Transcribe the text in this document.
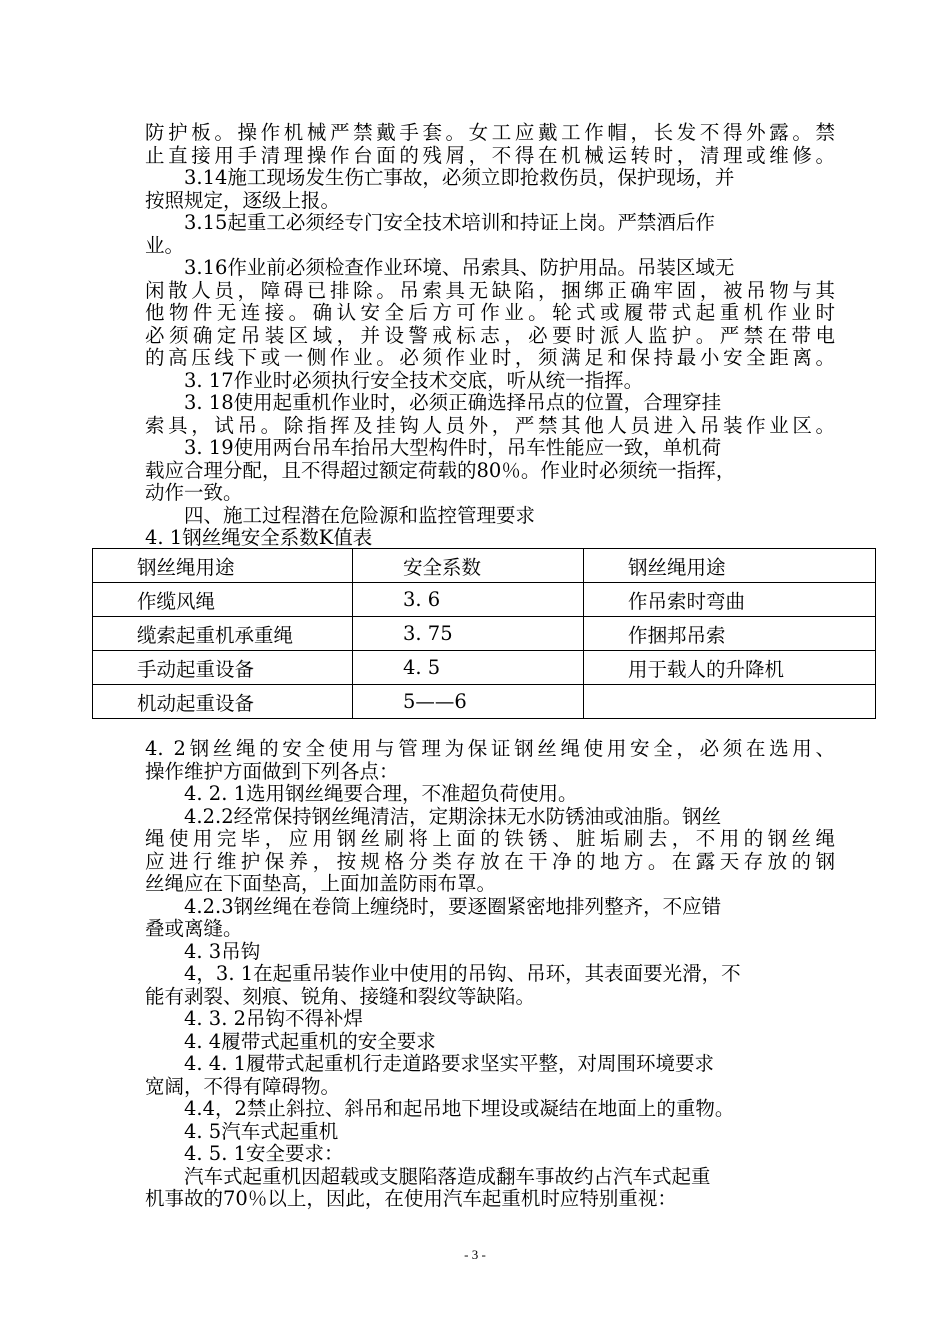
防护板。操作机械严禁戴手套。女工应戴工作帽，长发不得外露。禁
止直接用手清理操作台面的残屑，不得在机械运转时，清理或维修。
3.14施工现场发生伤亡事故，必须立即抢救伤员，保护现场，并
按照规定，逐级上报。
3.15起重工必须经专门安全技术培训和持证上岗。严禁酒后作
业。
3.16作业前必须检查作业环境、吊索具、防护用品。吊装区域无
闲散人员，障碍已排除。吊索具无缺陷，捆绑正确牢固，被吊物与其
他物件无连接。确认安全后方可作业。轮式或履带式起重机作业时
必须确定吊装区域，并设警戒标志，必要时派人监护。严禁在带电
的高压线下或一侧作业。必须作业时，须满足和保持最小安全距离。
3. 17作业时必须执行安全技术交底，听从统一指挥。
3. 18使用起重机作业时，必须正确选择吊点的位置，合理穿挂
索具，试吊。除指挥及挂钩人员外，严禁其他人员进入吊装作业区。
3. 19使用两台吊车抬吊大型构件时，吊车性能应一致，单机荷
载应合理分配，且不得超过额定荷载的80％。作业时必须统一指挥，
动作一致。
四、施工过程潜在危险源和监控管理要求
4. 1钢丝绳安全系数K值表
钢丝绳用途	安全系数	钢丝绳用途
作缆风绳	3. 6	作吊索时弯曲
缆索起重机承重绳	3. 75	作捆邦吊索
手动起重设备	4. 5	用于载人的升降机
机动起重设备	5——6	
4. 2钢丝绳的安全使用与管理为保证钢丝绳使用安全，必须在选用、
操作维护方面做到下列各点：
4. 2. 1选用钢丝绳要合理，不准超负荷使用。
4.2.2经常保持钢丝绳清洁，定期涂抹无水防锈油或油脂。钢丝
绳使用完毕，应用钢丝刷将上面的铁锈、脏垢刷去，不用的钢丝绳
应进行维护保养，按规格分类存放在干净的地方。在露天存放的钢
丝绳应在下面垫高，上面加盖防雨布罩。
4.2.3钢丝绳在卷筒上缠绕时，要逐圈紧密地排列整齐，不应错
叠或离缝。
4. 3吊钩
4，3. 1在起重吊装作业中使用的吊钩、吊环，其表面要光滑，不
能有剥裂、刻痕、锐角、接缝和裂纹等缺陷。
4. 3. 2吊钩不得补焊
4. 4履带式起重机的安全要求
4. 4. 1履带式起重机行走道路要求坚实平整，对周围环境要求
宽阔，不得有障碍物。
4.4，2禁止斜拉、斜吊和起吊地下埋设或凝结在地面上的重物。
4. 5汽车式起重机
4. 5. 1安全要求：
汽车式起重机因超载或支腿陷落造成翻车事故约占汽车式起重
机事故的70％以上，因此，在使用汽车起重机时应特别重视：
- 3 -
